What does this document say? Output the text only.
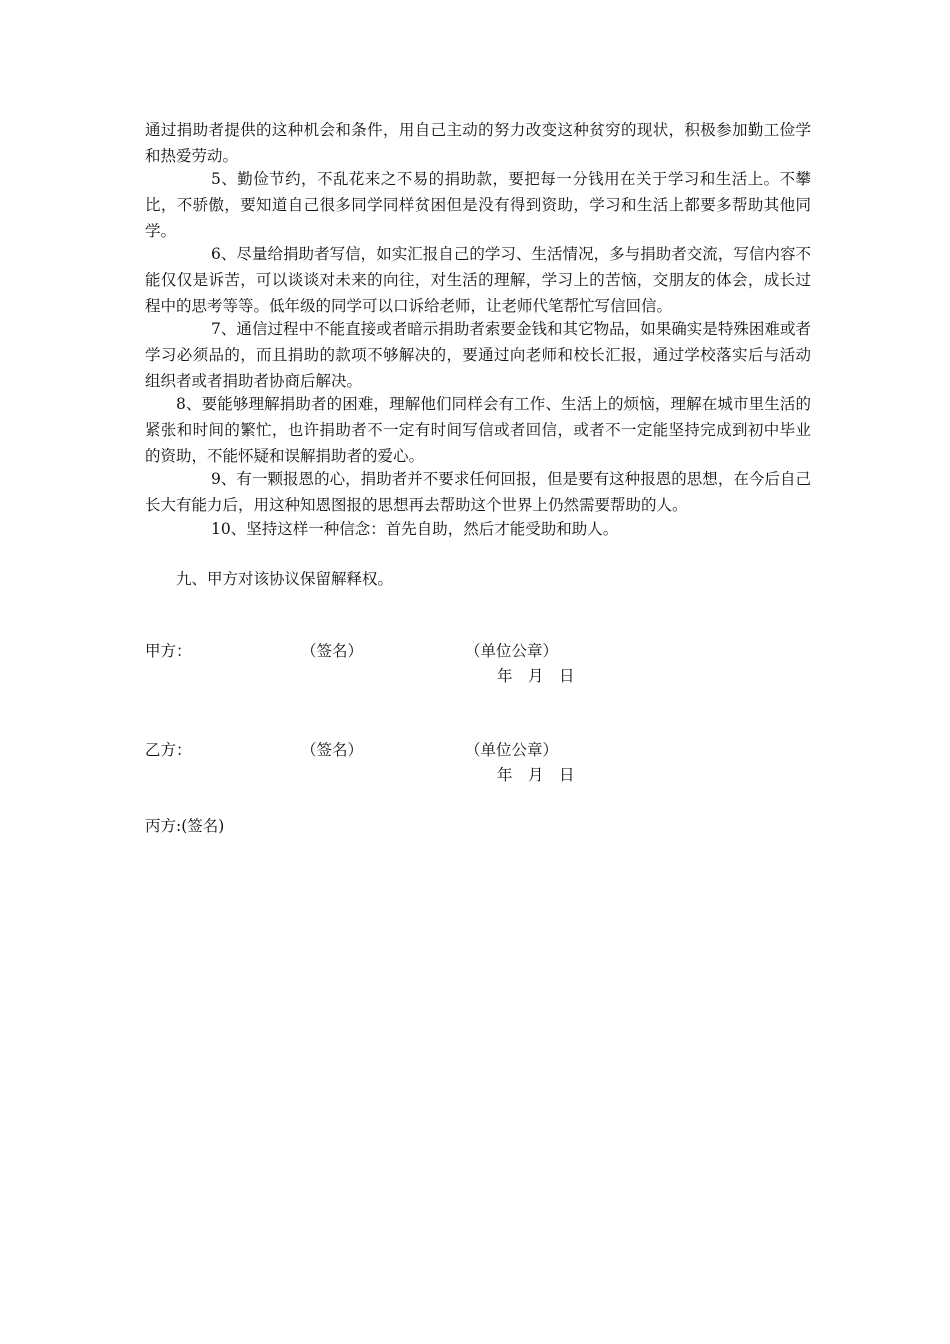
通过捐助者提供的这种机会和条件，用自己主动的努力改变这种贫穷的现状，积极参加勤工俭学和热爱劳动。

5、勤俭节约，不乱花来之不易的捐助款，要把每一分钱用在关于学习和生活上。不攀比，不骄傲，要知道自己很多同学同样贫困但是没有得到资助，学习和生活上都要多帮助其他同学。

6、尽量给捐助者写信，如实汇报自己的学习、生活情况，多与捐助者交流，写信内容不能仅仅是诉苦，可以谈谈对未来的向往，对生活的理解，学习上的苦恼，交朋友的体会，成长过程中的思考等等。低年级的同学可以口诉给老师，让老师代笔帮忙写信回信。

7、通信过程中不能直接或者暗示捐助者索要金钱和其它物品，如果确实是特殊困难或者学习必须品的，而且捐助的款项不够解决的，要通过向老师和校长汇报，通过学校落实后与活动组织者或者捐助者协商后解决。

8、要能够理解捐助者的困难，理解他们同样会有工作、生活上的烦恼，理解在城市里生活的紧张和时间的繁忙，也许捐助者不一定有时间写信或者回信，或者不一定能坚持完成到初中毕业的资助，不能怀疑和误解捐助者的爱心。

9、有一颗报恩的心，捐助者并不要求任何回报，但是要有这种报恩的思想，在今后自己长大有能力后，用这种知恩图报的思想再去帮助这个世界上仍然需要帮助的人。

10、坚持这样一种信念：首先自助，然后才能受助和助人。

九、甲方对该协议保留解释权。

甲方：	（签名）	（单位公章）
年　月　日
乙方：	（签名）	（单位公章）
年　月　日
丙方:(签名)
